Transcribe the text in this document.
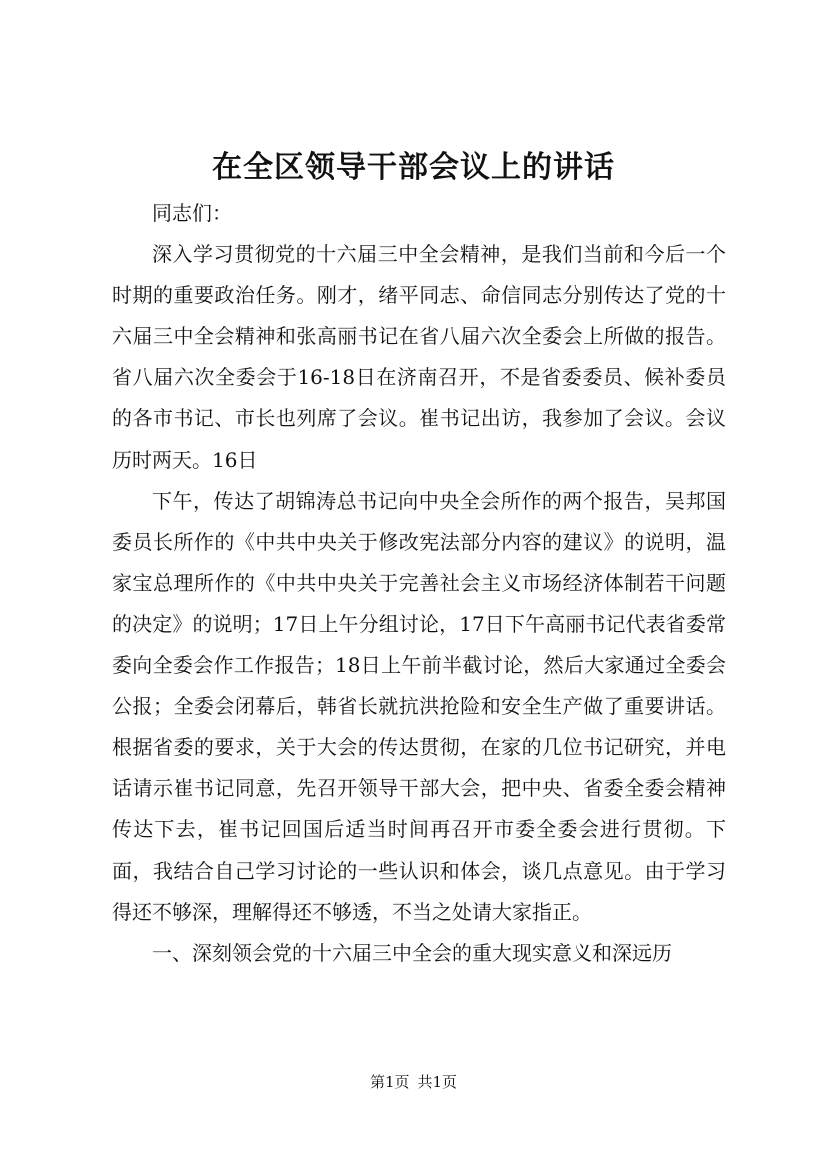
在全区领导干部会议上的讲话

同志们：

深入学习贯彻党的十六届三中全会精神，是我们当前和今后一个时期的重要政治任务。刚才，绪平同志、命信同志分别传达了党的十六届三中全会精神和张高丽书记在省八届六次全委会上所做的报告。省八届六次全委会于16-18日在济南召开，不是省委委员、候补委员的各市书记、市长也列席了会议。崔书记出访，我参加了会议。会议历时两天。16日

下午，传达了胡锦涛总书记向中央全会所作的两个报告，吴邦国委员长所作的《中共中央关于修改宪法部分内容的建议》的说明，温家宝总理所作的《中共中央关于完善社会主义市场经济体制若干问题的决定》的说明；17日上午分组讨论，17日下午高丽书记代表省委常委向全委会作工作报告；18日上午前半截讨论，然后大家通过全委会公报；全委会闭幕后，韩省长就抗洪抢险和安全生产做了重要讲话。根据省委的要求，关于大会的传达贯彻，在家的几位书记研究，并电话请示崔书记同意，先召开领导干部大会，把中央、省委全委会精神传达下去，崔书记回国后适当时间再召开市委全委会进行贯彻。下面，我结合自己学习讨论的一些认识和体会，谈几点意见。由于学习得还不够深，理解得还不够透，不当之处请大家指正。

一、深刻领会党的十六届三中全会的重大现实意义和深远历

第1页 共1页
